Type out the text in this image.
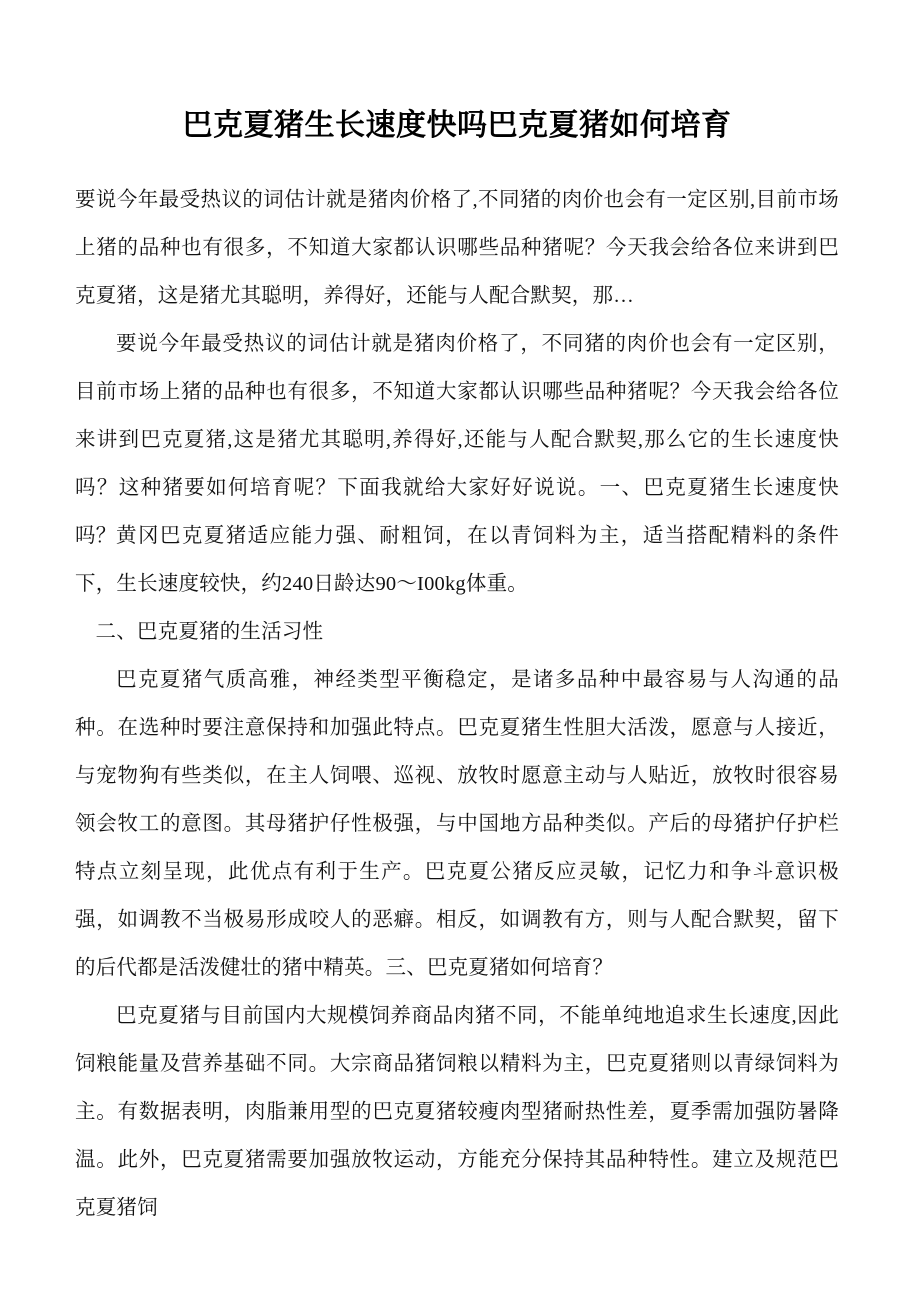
巴克夏猪生长速度快吗巴克夏猪如何培育

要说今年最受热议的词估计就是猪肉价格了,不同猪的肉价也会有一定区别,目前市场上猪的品种也有很多，不知道大家都认识哪些品种猪呢？今天我会给各位来讲到巴克夏猪，这是猪尤其聪明，养得好，还能与人配合默契，那…

要说今年最受热议的词估计就是猪肉价格了，不同猪的肉价也会有一定区别，目前市场上猪的品种也有很多，不知道大家都认识哪些品种猪呢？今天我会给各位来讲到巴克夏猪,这是猪尤其聪明,养得好,还能与人配合默契,那么它的生长速度快吗？这种猪要如何培育呢？下面我就给大家好好说说。一、巴克夏猪生长速度快吗？ 黄冈巴克夏猪适应能力强、耐粗饲，在以青饲料为主，适当搭配精料的条件下，生长速度较快，约240日龄达90〜I00kg体重。

二、巴克夏猪的生活习性

巴克夏猪气质高雅，神经类型平衡稳定，是诸多品种中最容易与人沟通的品种。在选种时要注意保持和加强此特点。巴克夏猪生性胆大活泼，愿意与人接近，与宠物狗有些类似，在主人饲喂、巡视、放牧时愿意主动与人贴近，放牧时很容易领会牧工的意图。其母猪护仔性极强，与中国地方品种类似。产后的母猪护仔护栏特点立刻呈现，此优点有利于生产。巴克夏公猪反应灵敏，记忆力和争斗意识极强，如调教不当极易形成咬人的恶癖。相反，如调教有方，则与人配合默契，留下的后代都是活泼健壮的猪中精英。三、巴克夏猪如何培育？

巴克夏猪与目前国内大规模饲养商品肉猪不同，不能单纯地追求生长速度,因此饲粮能量及营养基础不同。大宗商品猪饲粮以精料为主，巴克夏猪则以青绿饲料为主。有数据表明，肉脂兼用型的巴克夏猪较瘦肉型猪耐热性差，夏季需加强防暑降温。此外，巴克夏猪需要加强放牧运动，方能充分保持其品种特性。建立及规范巴克夏猪饲
